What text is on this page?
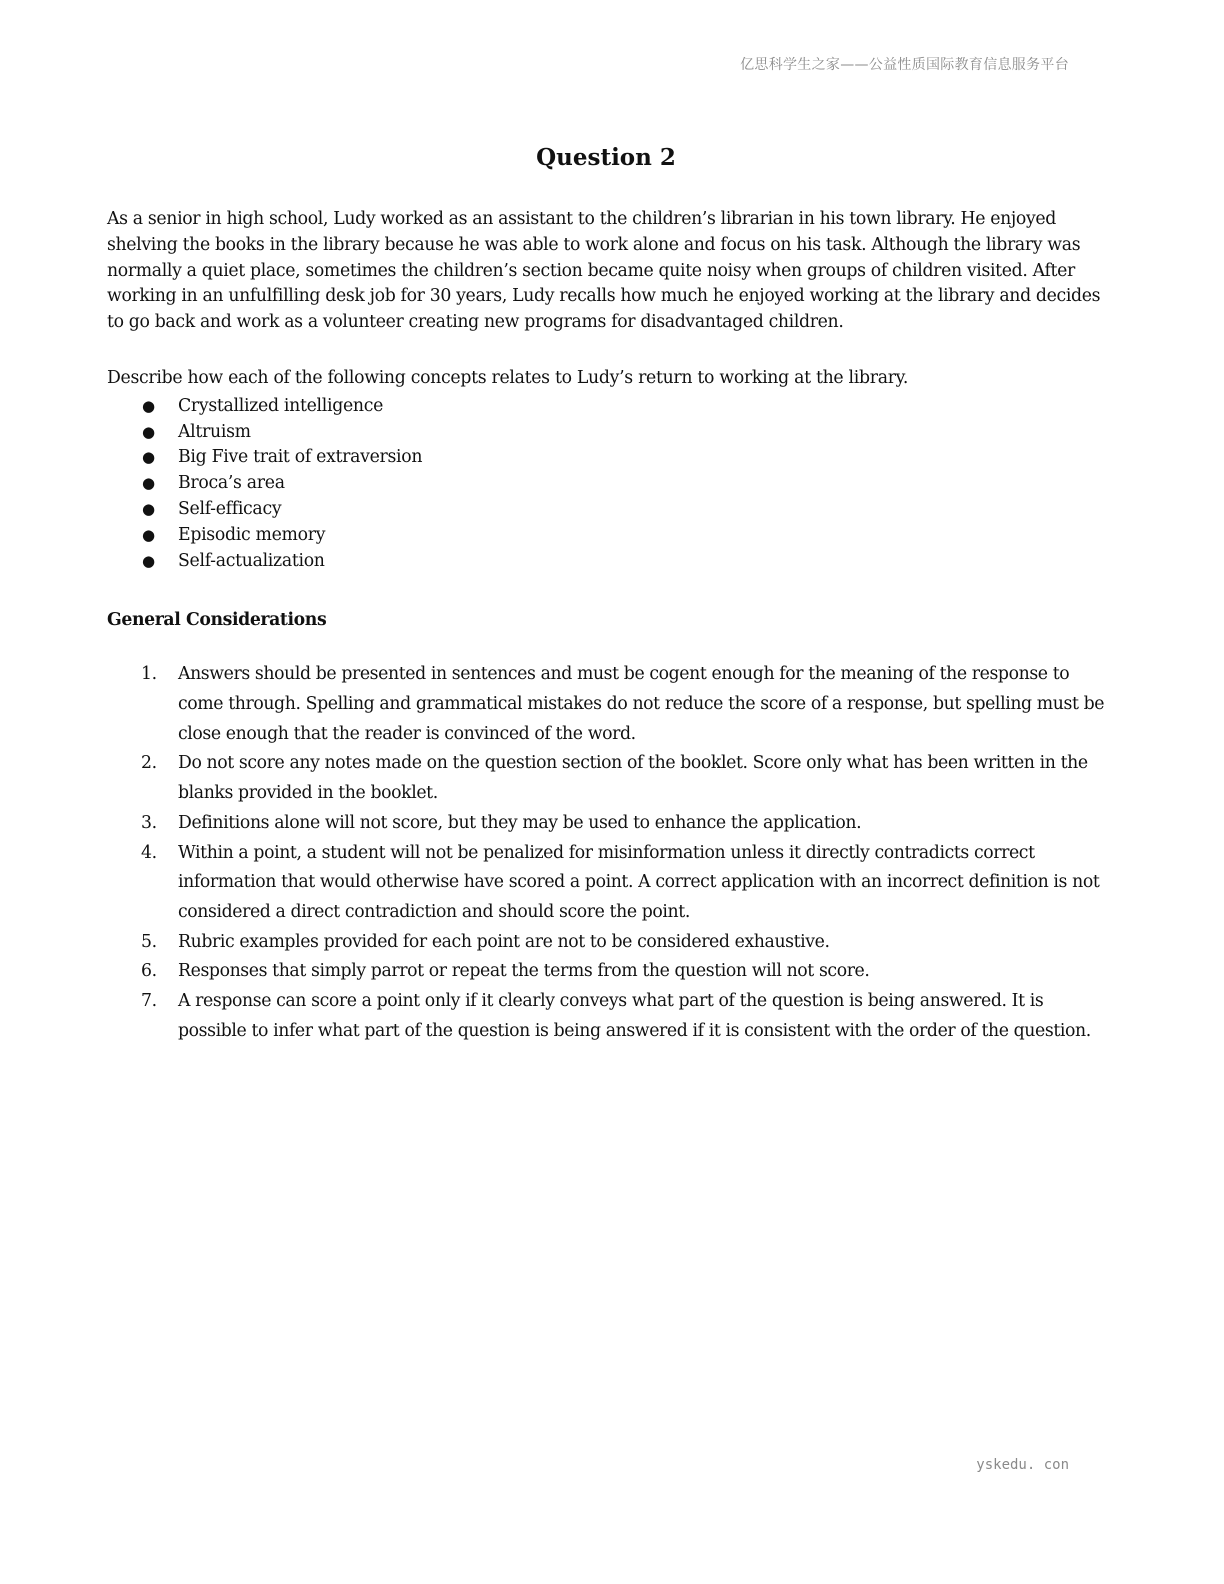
亿思科学生之家——公益性质国际教育信息服务平台
Question 2

As a senior in high school, Ludy worked as an assistant to the children’s librarian in his town library. He enjoyed shelving the books in the library because he was able to work alone and focus on his task. Although the library was normally a quiet place, sometimes the children’s section became quite noisy when groups of children visited. After working in an unfulfilling desk job for 30 years, Ludy recalls how much he enjoyed working at the library and decides to go back and work as a volunteer creating new programs for disadvantaged children.

Describe how each of the following concepts relates to Ludy’s return to working at the library.

● Crystallized intelligence
● Altruism
● Big Five trait of extraversion
● Broca’s area
● Self-efficacy
● Episodic memory
● Self-actualization
General Considerations
1. Answers should be presented in sentences and must be cogent enough for the meaning of the response to come through. Spelling and grammatical mistakes do not reduce the score of a response, but spelling must be close enough that the reader is convinced of the word.
2. Do not score any notes made on the question section of the booklet. Score only what has been written in the blanks provided in the booklet.
3. Definitions alone will not score, but they may be used to enhance the application.
4. Within a point, a student will not be penalized for misinformation unless it directly contradicts correct information that would otherwise have scored a point. A correct application with an incorrect definition is not considered a direct contradiction and should score the point.
5. Rubric examples provided for each point are not to be considered exhaustive.
6. Responses that simply parrot or repeat the terms from the question will not score.
7. A response can score a point only if it clearly conveys what part of the question is being answered. It is possible to infer what part of the question is being answered if it is consistent with the order of the question.
yskedu. con
